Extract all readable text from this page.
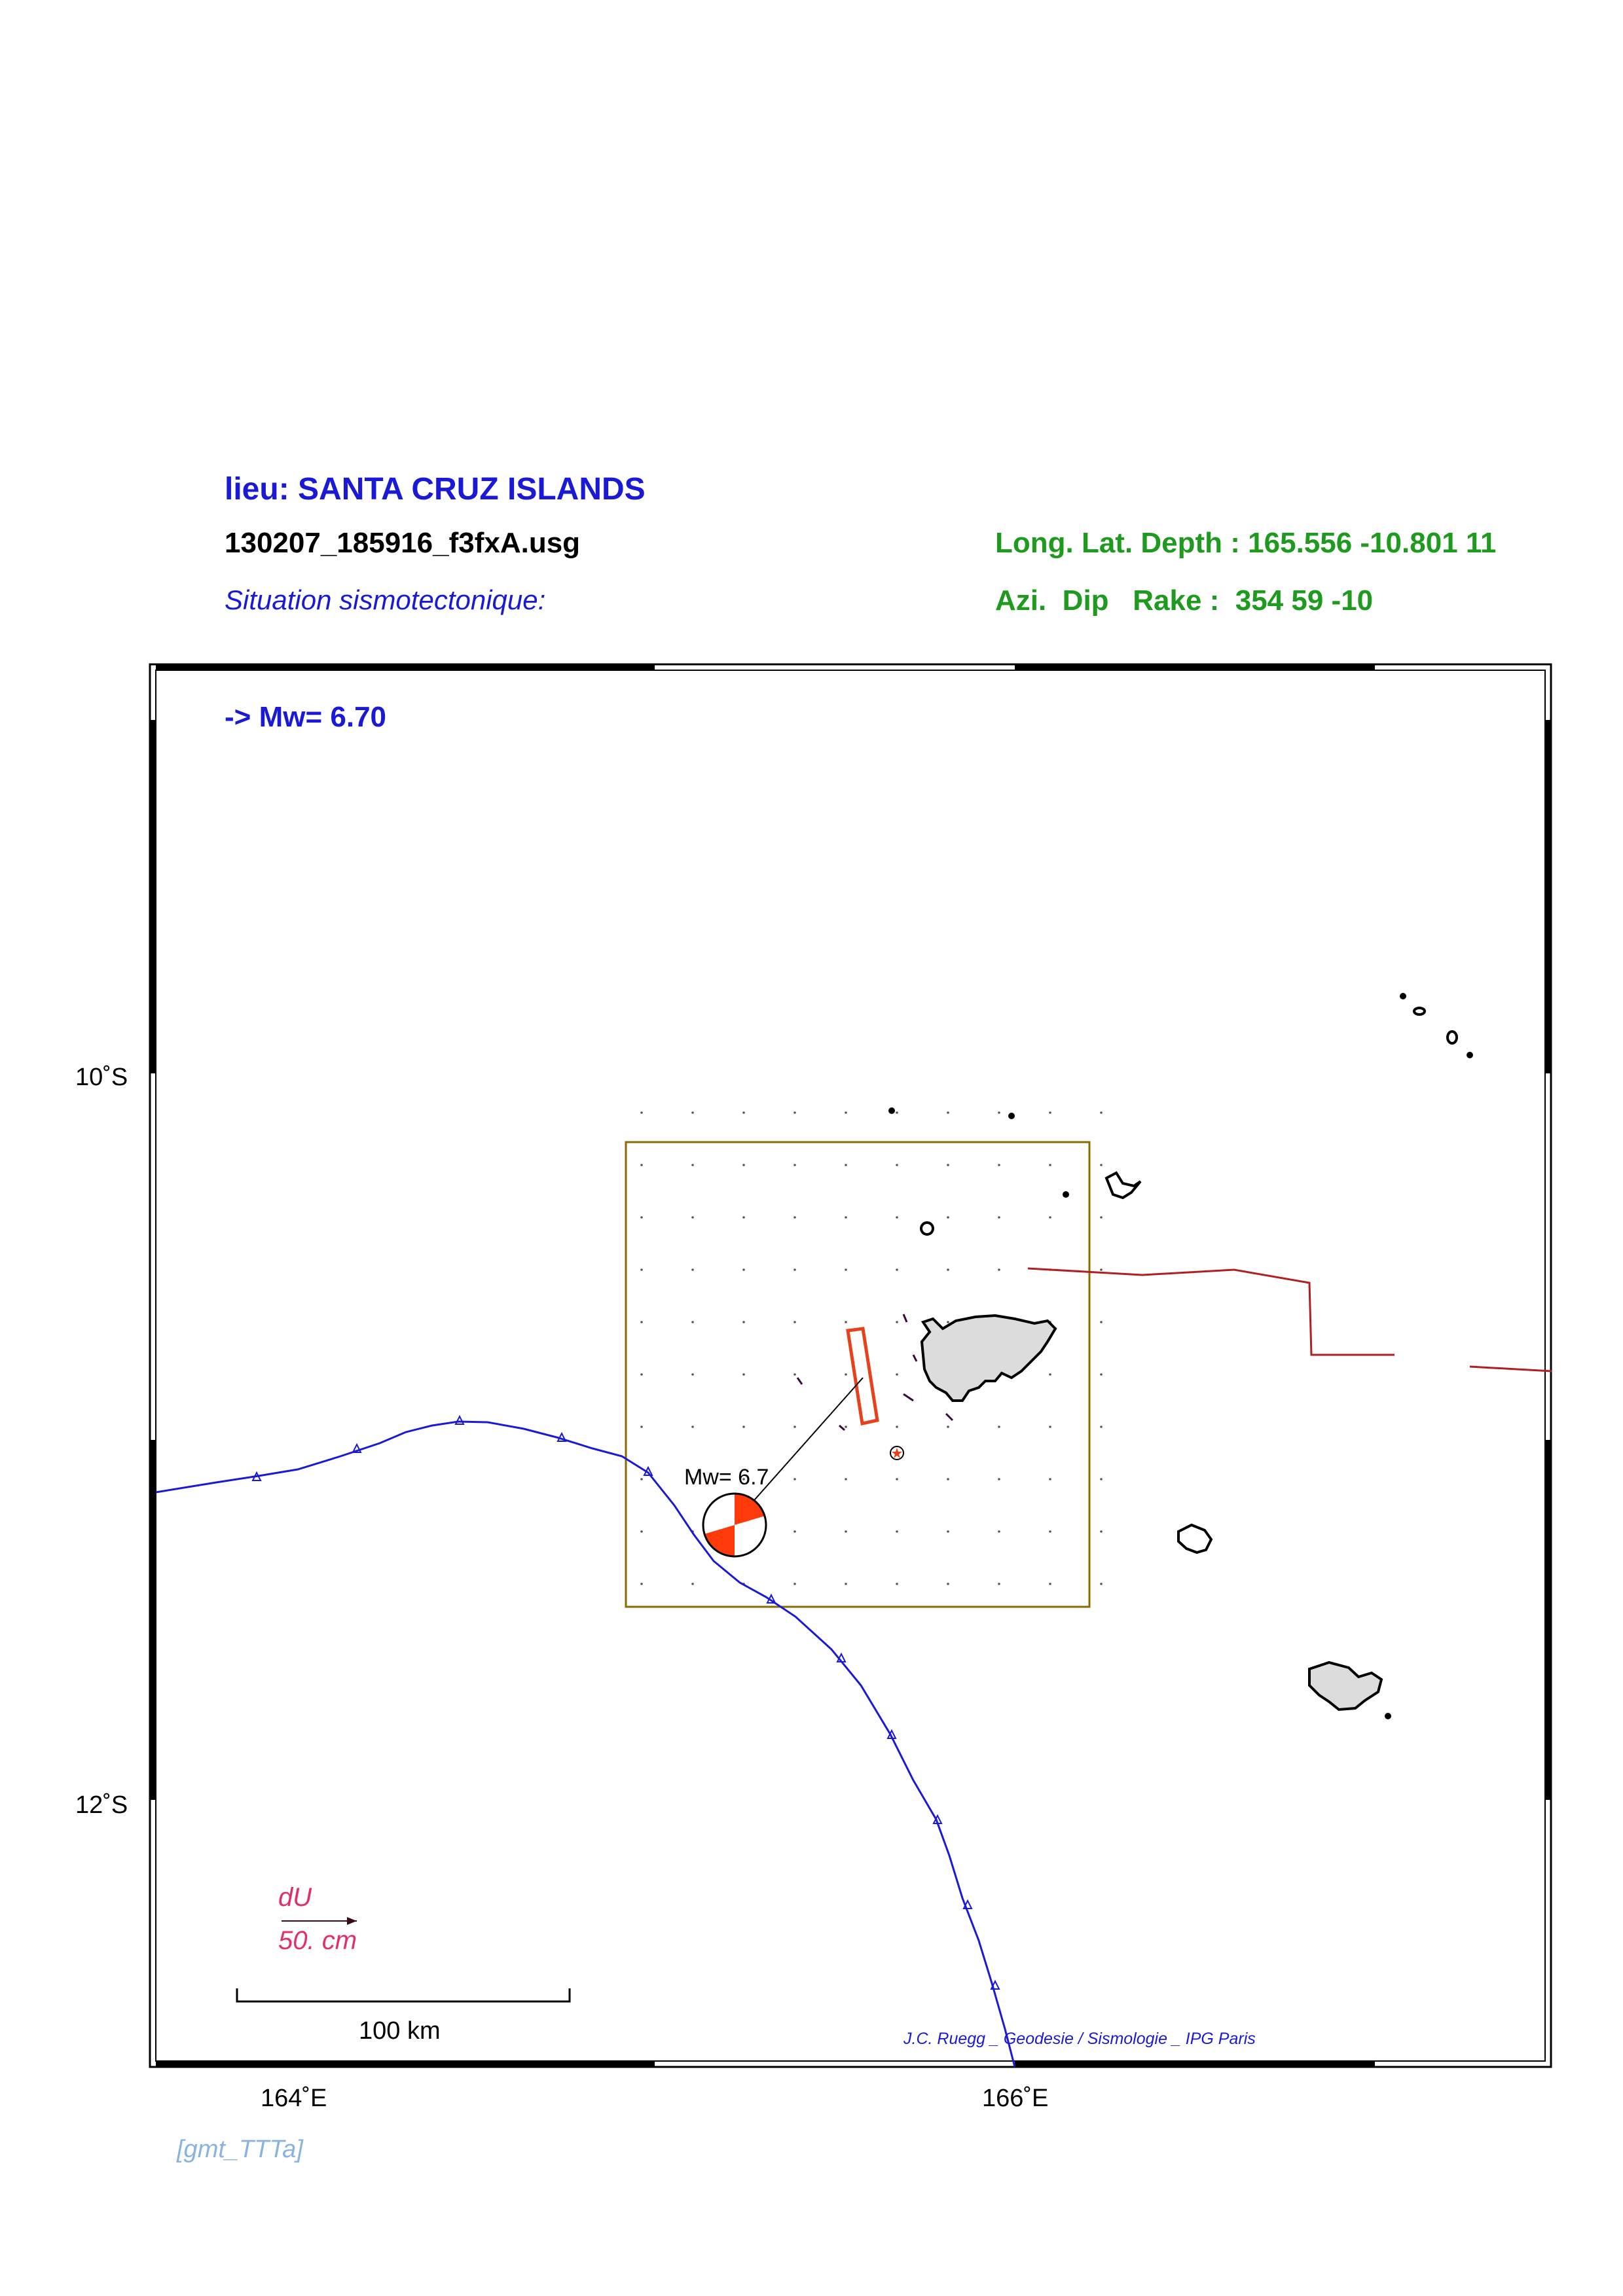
lieu: SANTA CRUZ ISLANDS
130207_185916_f3fxA.usg
Situation sismotectonique:
Long. Lat. Depth : 165.556 -10.801 11
Azi.  Dip   Rake :  354 59 -10
-> Mw= 6.70
10˚S
12˚S
164˚E	166˚E
Mw= 6.7
dU
50. cm
100 km	J.C. Ruegg _ Geodesie / Sismologie _ IPG Paris
[gmt_TTTa]
